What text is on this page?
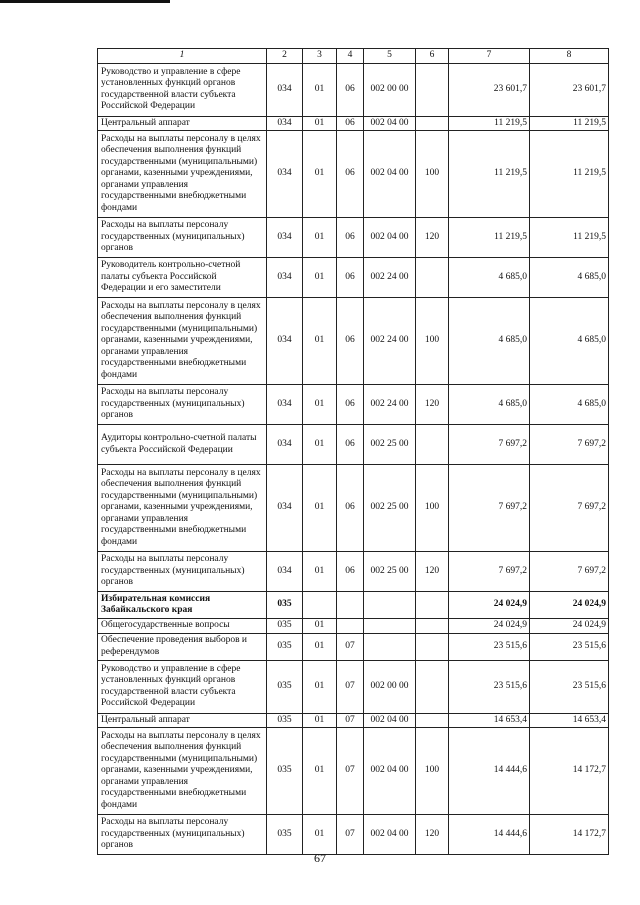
1	2	3	4	5	6	7	8
Руководство и управление в сфере установленных функций органов государственной власти субъекта Российской Федерации	034	01	06	002 00 00		23 601,7	23 601,7
Центральный аппарат	034	01	06	002 04 00		11 219,5	11 219,5
Расходы на выплаты персоналу в целях обеспечения выполнения функций государственными (муниципальными) органами, казенными учреждениями, органами управления государственными внебюджетными фондами	034	01	06	002 04 00	100	11 219,5	11 219,5
Расходы на выплаты персоналу государственных (муниципальных) органов	034	01	06	002 04 00	120	11 219,5	11 219,5
Руководитель контрольно-счетной палаты субъекта Российской Федерации и его заместители	034	01	06	002 24 00		4 685,0	4 685,0
Расходы на выплаты персоналу в целях обеспечения выполнения функций государственными (муниципальными) органами, казенными учреждениями, органами управления государственными внебюджетными фондами	034	01	06	002 24 00	100	4 685,0	4 685,0
Расходы на выплаты персоналу государственных (муниципальных) органов	034	01	06	002 24 00	120	4 685,0	4 685,0
Аудиторы контрольно-счетной палаты субъекта Российской Федерации	034	01	06	002 25 00		7 697,2	7 697,2
Расходы на выплаты персоналу в целях обеспечения выполнения функций государственными (муниципальными) органами, казенными учреждениями, органами управления государственными внебюджетными фондами	034	01	06	002 25 00	100	7 697,2	7 697,2
Расходы на выплаты персоналу государственных (муниципальных) органов	034	01	06	002 25 00	120	7 697,2	7 697,2
Избирательная комиссия Забайкальского края	035					24 024,9	24 024,9
Общегосударственные вопросы	035	01				24 024,9	24 024,9
Обеспечение проведения выборов и референдумов	035	01	07			23 515,6	23 515,6
Руководство и управление в сфере установленных функций органов государственной власти субъекта Российской Федерации	035	01	07	002 00 00		23 515,6	23 515,6
Центральный аппарат	035	01	07	002 04 00		14 653,4	14 653,4
Расходы на выплаты персоналу в целях обеспечения выполнения функций государственными (муниципальными) органами, казенными учреждениями, органами управления государственными внебюджетными фондами	035	01	07	002 04 00	100	14 444,6	14 172,7
Расходы на выплаты персоналу государственных (муниципальных) органов	035	01	07	002 04 00	120	14 444,6	14 172,7
67
